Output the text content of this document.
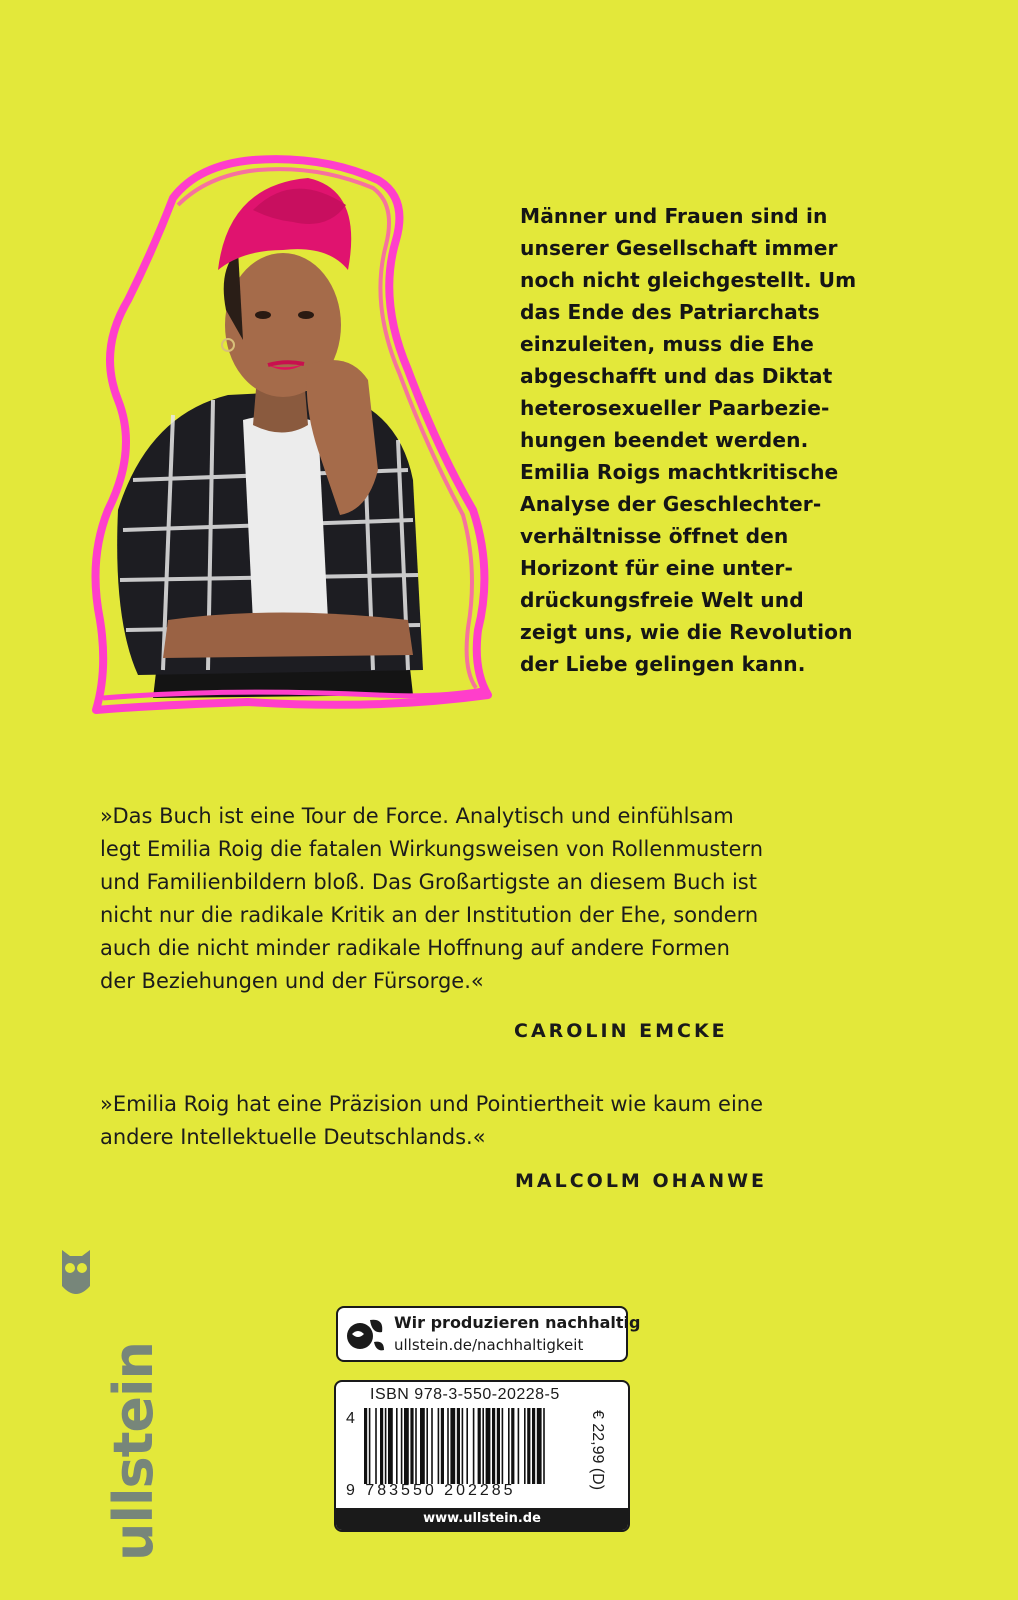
Männer und Frauen sind in
unserer Gesellschaft immer
noch nicht gleichgestellt. Um
das Ende des Patriarchats
einzuleiten, muss die Ehe
abgeschafft und das Diktat
heterosexueller Paarbezie-
hungen beendet werden.
Emilia Roigs machtkritische
Analyse der Geschlechter-
verhältnisse öffnet den
Horizont für eine unter-
drückungsfreie Welt und
zeigt uns, wie die Revolution
der Liebe gelingen kann.
»Das Buch ist eine Tour de Force. Analytisch und einfühlsam
legt Emilia Roig die fatalen Wirkungsweisen von Rollenmustern
und Familienbildern bloß. Das Großartigste an diesem Buch ist
nicht nur die radikale Kritik an der Institution der Ehe, sondern
auch die nicht minder radikale Hoffnung auf andere Formen
der Beziehungen und der Fürsorge.«
CAROLIN EMCKE
»Emilia Roig hat eine Präzision und Pointiertheit wie kaum eine
andere Intellektuelle Deutschlands.«
MALCOLM OHANWE
ullstein
Wir produzieren nachhaltig
ullstein.de/nachhaltigkeit
ISBN 978-3-550-20228-5
4
9 783550 202285
€ 22,99 (D)
www.ullstein.de
